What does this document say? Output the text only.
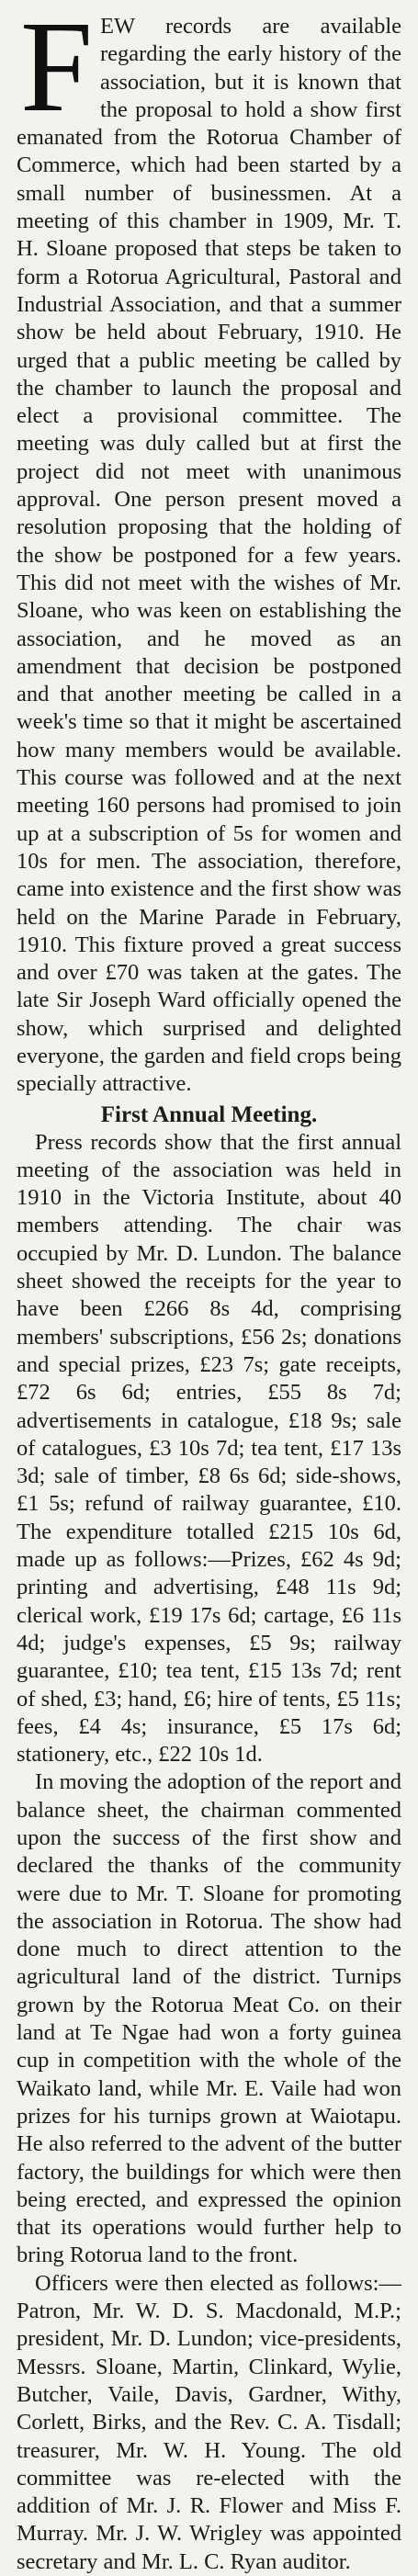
FEW records are available regarding the early history of the association, but it is known that the proposal to hold a show first emanated from the Rotorua Chamber of Commerce, which had been started by a small number of businessmen. At a meeting of this chamber in 1909, Mr. T. H. Sloane proposed that steps be taken to form a Rotorua Agricultural, Pastoral and Industrial Association, and that a summer show be held about February, 1910. He urged that a public meeting be called by the chamber to launch the proposal and elect a provisional committee. The meeting was duly called but at first the project did not meet with unanimous approval. One person present moved a resolution proposing that the holding of the show be postponed for a few years. This did not meet with the wishes of Mr. Sloane, who was keen on establishing the association, and he moved as an amendment that decision be postponed and that another meeting be called in a week's time so that it might be ascertained how many members would be available. This course was followed and at the next meeting 160 persons had promised to join up at a subscription of 5s for women and 10s for men. The association, therefore, came into existence and the first show was held on the Marine Parade in February, 1910. This fixture proved a great success and over £70 was taken at the gates. The late Sir Joseph Ward officially opened the show, which surprised and delighted everyone, the garden and field crops being specially attractive.

First Annual Meeting.

Press records show that the first annual meeting of the association was held in 1910 in the Victoria Institute, about 40 members attending. The chair was occupied by Mr. D. Lundon. The balance sheet showed the receipts for the year to have been £266 8s 4d, comprising members' subscriptions, £56 2s; donations and special prizes, £23 7s; gate receipts, £72 6s 6d; entries, £55 8s 7d; advertisements in catalogue, £18 9s; sale of catalogues, £3 10s 7d; tea tent, £17 13s 3d; sale of timber, £8 6s 6d; side-shows, £1 5s; refund of railway guarantee, £10. The expenditure totalled £215 10s 6d, made up as follows:—Prizes, £62 4s 9d; printing and advertising, £48 11s 9d; clerical work, £19 17s 6d; cartage, £6 11s 4d; judge's expenses, £5 9s; railway guarantee, £10; tea tent, £15 13s 7d; rent of shed, £3; hand, £6; hire of tents, £5 11s; fees, £4 4s; insurance, £5 17s 6d; stationery, etc., £22 10s 1d.

In moving the adoption of the report and balance sheet, the chairman commented upon the success of the first show and declared the thanks of the community were due to Mr. T. Sloane for promoting the association in Rotorua. The show had done much to direct attention to the agricultural land of the district. Turnips grown by the Rotorua Meat Co. on their land at Te Ngae had won a forty guinea cup in competition with the whole of the Waikato land, while Mr. E. Vaile had won prizes for his turnips grown at Waiotapu. He also referred to the advent of the butter factory, the buildings for which were then being erected, and expressed the opinion that its operations would further help to bring Rotorua land to the front.

Officers were then elected as follows:—Patron, Mr. W. D. S. Macdonald, M.P.; president, Mr. D. Lundon; vice-presidents, Messrs. Sloane, Martin, Clinkard, Wylie, Butcher, Vaile, Davis, Gardner, Withy, Corlett, Birks, and the Rev. C. A. Tisdall; treasurer, Mr. W. H. Young. The old committee was re-elected with the addition of Mr. J. R. Flower and Miss F. Murray. Mr. J. W. Wrigley was appointed secretary and Mr. L. C. Ryan auditor.
